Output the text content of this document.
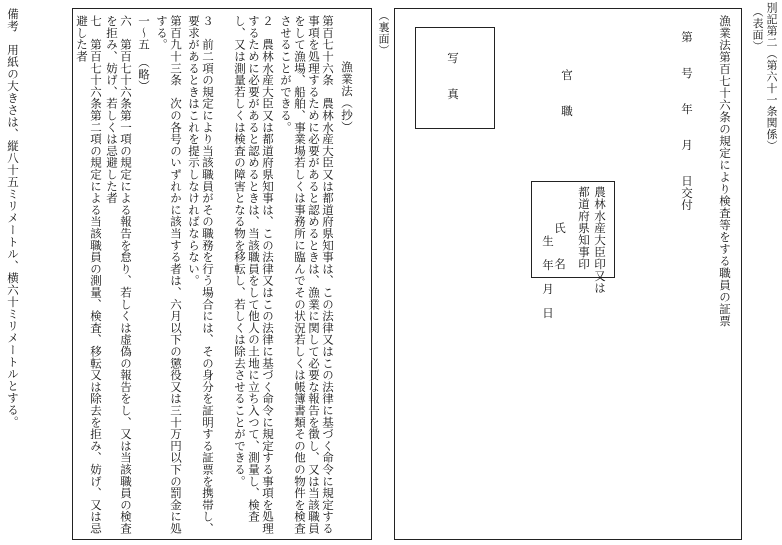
別記第二（第六十一条関係）
（表面）
（裏面）	漁業法第百七十六条の規定により検査等をする職員の証票
第　　号　　年　　月　　日交付
写　　真	官　　職
農林水産大臣印又は
都道府県知事印
氏　　名
生　年　月　日
漁業法（抄）
第百七十六条　農林水産大臣又は都道府県知事は、この法律又はこの法律に基づく命令に規定する事項を処理するために必要があると認めるときは、漁業に関して必要な報告を徴し、又は当該職員をして漁場、船舶、事業場若しくは事務所に臨んでその状況若しくは帳簿書類その他の物件を検査させることができる。
２　農林水産大臣又は都道府県知事は、この法律又はこの法律に基づく命令に規定する事項を処理するために必要があると認めるときは、当該職員をして他人の土地に立ち入つて、測量し、検査し、又は測量若しくは検査の障害となる物を移転し、若しくは除去させることができる。
３　前二項の規定により当該職員がその職務を行う場合には、その身分を証明する証票を携帯し、要求があるときはこれを提示しなければならない。
第百九十三条　次の各号のいずれかに該当する者は、六月以下の懲役又は三十万円以下の罰金に処する。
一～五　（略）
六　第百七十六条第一項の規定による報告を怠り、若しくは虚偽の報告をし、又は当該職員の検査を拒み、妨げ、若しくは忌避した者
七　第百七十六条第二項の規定による当該職員の測量、検査、移転又は除去を拒み、妨げ、又は忌避した者
備考　用紙の大きさは、縦八十五ミリメートル、横六十ミリメートルとする。
